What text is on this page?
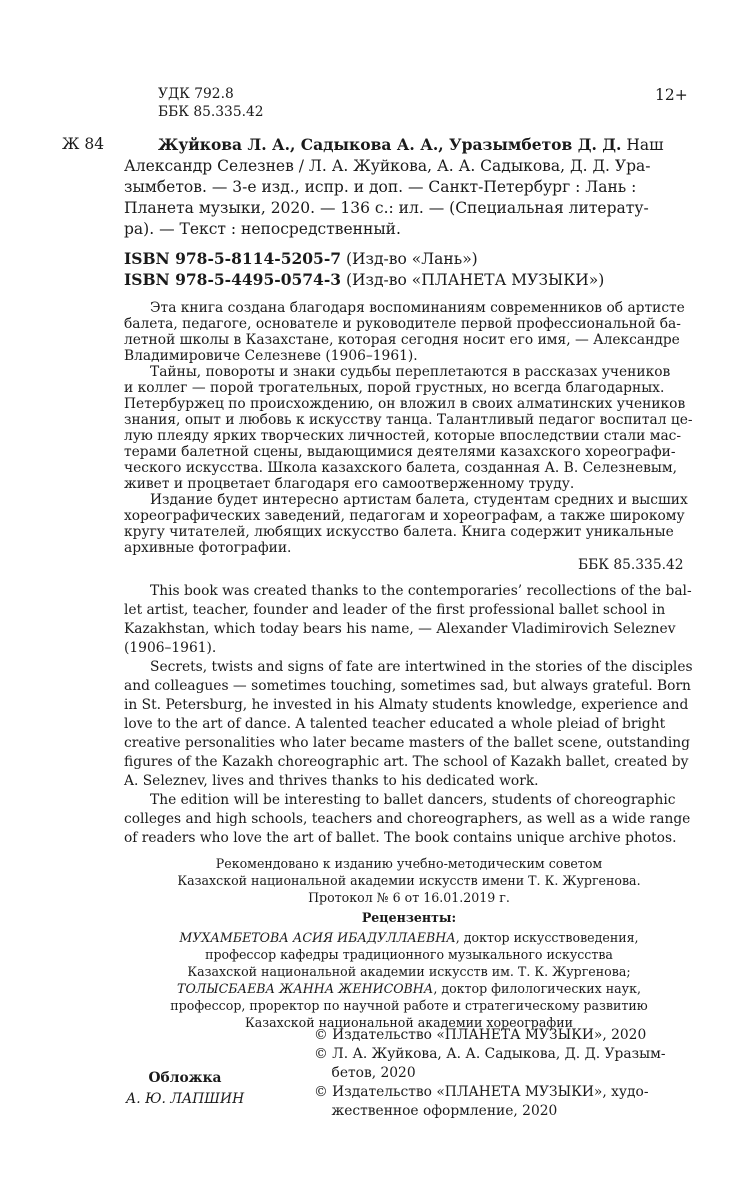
УДК 792.8
ББК 85.335.42
12+
Ж 84	Жуйкова Л. А., Садыкова А. А., Уразымбетов Д. Д. Наш
Александр Селезнев / Л. А. Жуйкова, А. А. Садыкова, Д. Д. Ура-
зымбетов. — 3-е изд., испр. и доп. — Санкт-Петербург : Лань :
Планета музыки, 2020. — 136 с.: ил. — (Специальная литерату-
ра). — Текст : непосредственный.
ISBN 978-5-8114-5205-7 (Изд-во «Лань»)
ISBN 978-5-4495-0574-3 (Изд-во «ПЛАНЕТА МУЗЫКИ»)
Эта книга создана благодаря воспоминаниям современников об артисте
балета, педагоге, основателе и руководителе первой профессиональной ба-
летной школы в Казахстане, которая сегодня носит его имя, — Александре
Владимировиче Селезневе (1906–1961).
Тайны, повороты и знаки судьбы переплетаются в рассказах учеников
и коллег — порой трогательных, порой грустных, но всегда благодарных.
Петербуржец по происхождению, он вложил в своих алматинских учеников
знания, опыт и любовь к искусству танца. Талантливый педагог воспитал це-
лую плеяду ярких творческих личностей, которые впоследствии стали мас-
терами балетной сцены, выдающимися деятелями казахского хореографи-
ческого искусства. Школа казахского балета, созданная А. В. Селезневым,
живет и процветает благодаря его самоотверженному труду.
Издание будет интересно артистам балета, студентам средних и высших
хореографических заведений, педагогам и хореографам, а также широкому
кругу читателей, любящих искусство балета. Книга содержит уникальные
архивные фотографии.
ББК 85.335.42
This book was created thanks to the contemporaries’ recollections of the bal-
let artist, teacher, founder and leader of the first professional ballet school in
Kazakhstan, which today bears his name, — Alexander Vladimirovich Seleznev
(1906–1961).
Secrets, twists and signs of fate are intertwined in the stories of the disciples
and colleagues — sometimes touching, sometimes sad, but always grateful. Born
in St. Petersburg, he invested in his Almaty students knowledge, experience and
love to the art of dance. A talented teacher educated a whole pleiad of bright
creative personalities who later became masters of the ballet scene, outstanding
figures of the Kazakh choreographic art. The school of Kazakh ballet, created by
A. Seleznev, lives and thrives thanks to his dedicated work.
The edition will be interesting to ballet dancers, students of choreographic
colleges and high schools, teachers and choreographers, as well as a wide range
of readers who love the art of ballet. The book contains unique archive photos.
Рекомендовано к изданию учебно-методическим советом
Казахской национальной академии искусств имени Т. К. Жургенова.
Протокол № 6 от 16.01.2019 г.
Рецензенты:
МУХАМБЕТОВА АСИЯ ИБАДУЛЛАЕВНА, доктор искусствоведения,
профессор кафедры традиционного музыкального искусства
Казахской национальной академии искусств им. Т. К. Жургенова;
ТОЛЫСБАЕВА ЖАННА ЖЕНИСОВНА, доктор филологических наук,
профессор, проректор по научной работе и стратегическому развитию
Казахской национальной академии хореографии
Обложка
А. Ю. ЛАПШИН
© Издательство «ПЛАНЕТА МУЗЫКИ», 2020
© Л. А. Жуйкова, А. А. Садыкова, Д. Д. Уразым-
бетов, 2020
© Издательство «ПЛАНЕТА МУЗЫКИ», худо-
жественное оформление, 2020
